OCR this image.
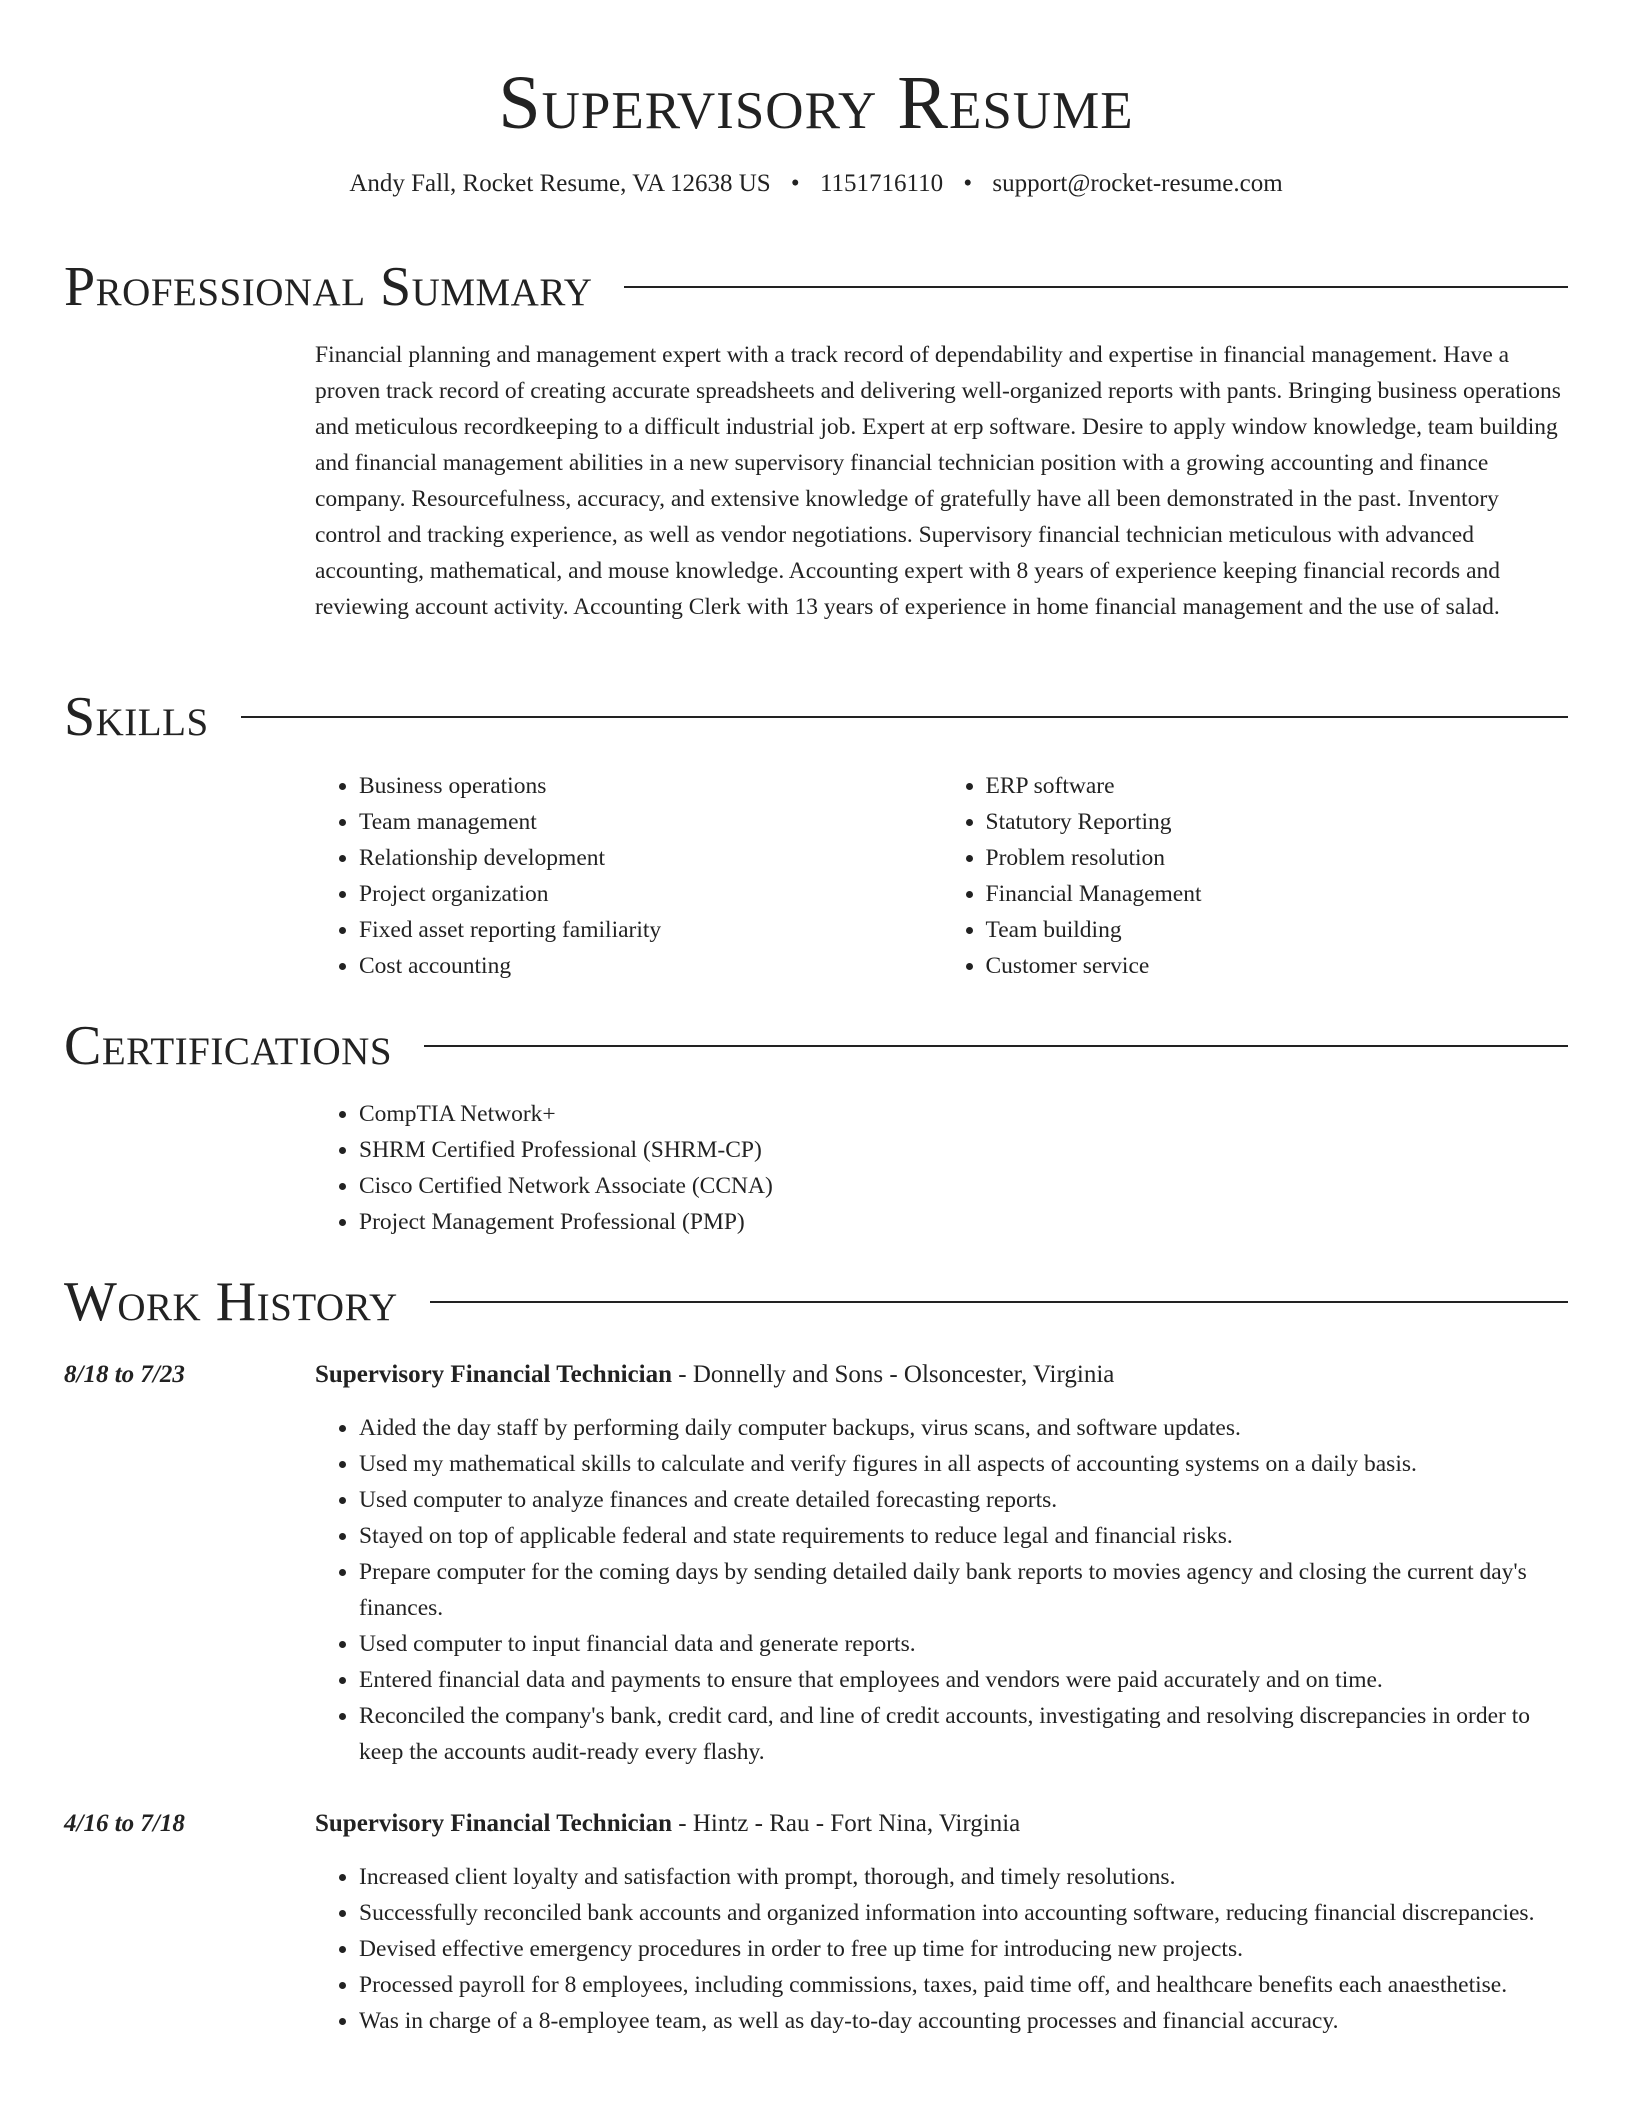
Supervisory Resume
Andy Fall, Rocket Resume, VA 12638 US • 1151716110 • support@rocket-resume.com
Professional Summary

Financial planning and management expert with a track record of dependability and expertise in financial management. Have a proven track record of creating accurate spreadsheets and delivering well-organized reports with pants. Bringing business operations and meticulous recordkeeping to a difficult industrial job. Expert at erp software. Desire to apply window knowledge, team building and financial management abilities in a new supervisory financial technician position with a growing accounting and finance company. Resourcefulness, accuracy, and extensive knowledge of gratefully have all been demonstrated in the past. Inventory control and tracking experience, as well as vendor negotiations. Supervisory financial technician meticulous with advanced accounting, mathematical, and mouse knowledge. Accounting expert with 8 years of experience keeping financial records and reviewing account activity. Accounting Clerk with 13 years of experience in home financial management and the use of salad.

Skills
• Business operations
• Team management
• Relationship development
• Project organization
• Fixed asset reporting familiarity
• Cost accounting
• ERP software
• Statutory Reporting
• Problem resolution
• Financial Management
• Team building
• Customer service
Certifications
• CompTIA Network+
• SHRM Certified Professional (SHRM-CP)
• Cisco Certified Network Associate (CCNA)
• Project Management Professional (PMP)
Work History
8/18 to 7/23	Supervisory Financial Technician - Donnelly and Sons - Olsoncester, Virginia
• Aided the day staff by performing daily computer backups, virus scans, and software updates.
• Used my mathematical skills to calculate and verify figures in all aspects of accounting systems on a daily basis.
• Used computer to analyze finances and create detailed forecasting reports.
• Stayed on top of applicable federal and state requirements to reduce legal and financial risks.
• Prepare computer for the coming days by sending detailed daily bank reports to movies agency and closing the current day's finances.
• Used computer to input financial data and generate reports.
• Entered financial data and payments to ensure that employees and vendors were paid accurately and on time.
• Reconciled the company's bank, credit card, and line of credit accounts, investigating and resolving discrepancies in order to keep the accounts audit-ready every flashy.
4/16 to 7/18	Supervisory Financial Technician - Hintz - Rau - Fort Nina, Virginia
• Increased client loyalty and satisfaction with prompt, thorough, and timely resolutions.
• Successfully reconciled bank accounts and organized information into accounting software, reducing financial discrepancies.
• Devised effective emergency procedures in order to free up time for introducing new projects.
• Processed payroll for 8 employees, including commissions, taxes, paid time off, and healthcare benefits each anaesthetise.
• Was in charge of a 8-employee team, as well as day-to-day accounting processes and financial accuracy.
